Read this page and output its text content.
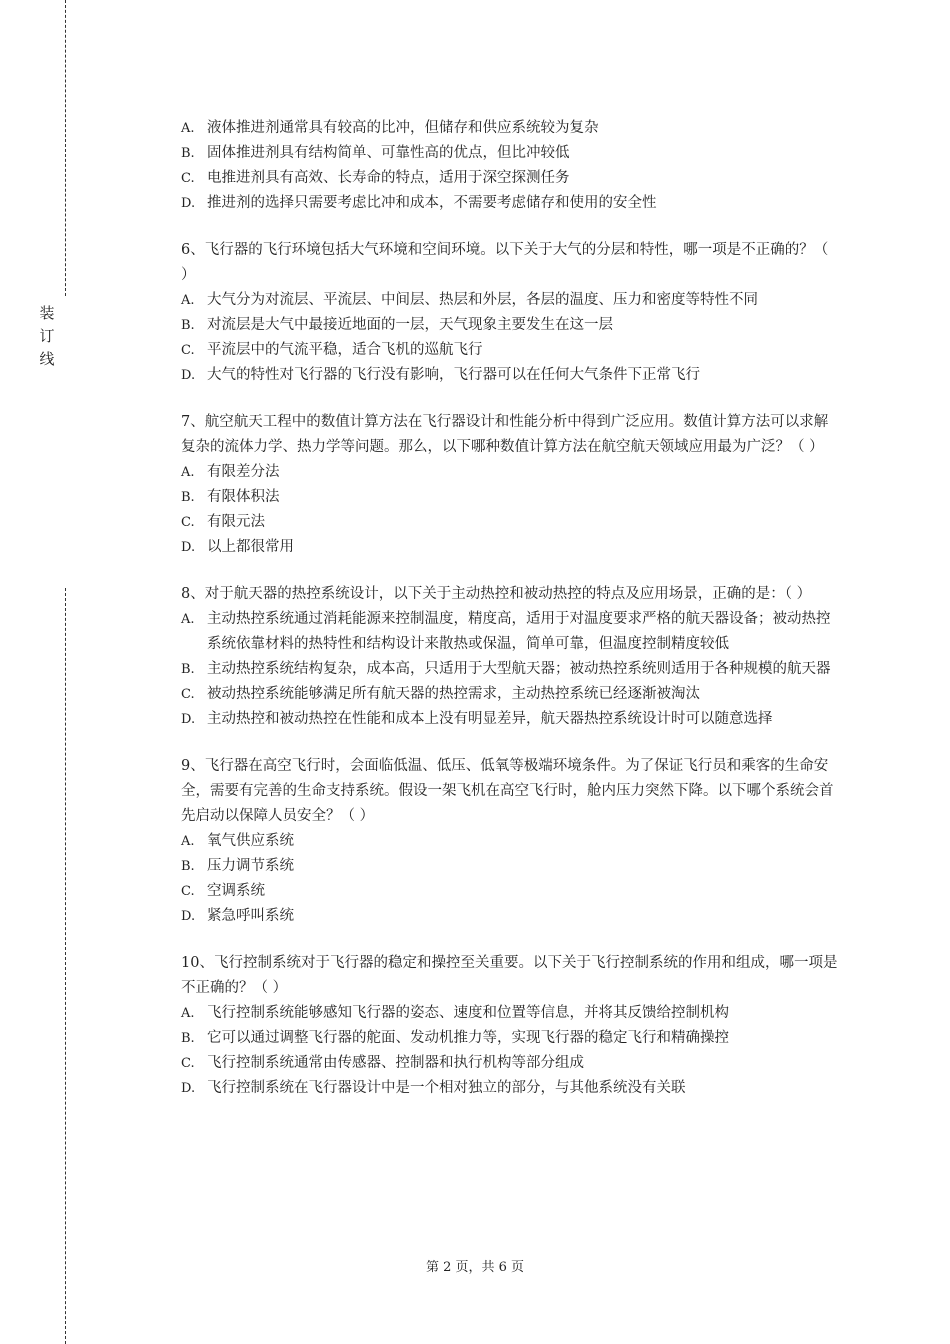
装
订
线

A. 液体推进剂通常具有较高的比冲，但储存和供应系统较为复杂

B. 固体推进剂具有结构简单、可靠性高的优点，但比冲较低

C. 电推进剂具有高效、长寿命的特点，适用于深空探测任务

D. 推进剂的选择只需要考虑比冲和成本，不需要考虑储存和使用的安全性

6、飞行器的飞行环境包括大气环境和空间环境。以下关于大气的分层和特性，哪一项是不正确的？（ ）

A. 大气分为对流层、平流层、中间层、热层和外层，各层的温度、压力和密度等特性不同

B. 对流层是大气中最接近地面的一层，天气现象主要发生在这一层

C. 平流层中的气流平稳，适合飞机的巡航飞行

D. 大气的特性对飞行器的飞行没有影响，飞行器可以在任何大气条件下正常飞行

7、航空航天工程中的数值计算方法在飞行器设计和性能分析中得到广泛应用。数值计算方法可以求解复杂的流体力学、热力学等问题。那么，以下哪种数值计算方法在航空航天领域应用最为广泛？（ ）

A. 有限差分法

B. 有限体积法

C. 有限元法

D. 以上都很常用

8、对于航天器的热控系统设计，以下关于主动热控和被动热控的特点及应用场景，正确的是：（ ）

A. 主动热控系统通过消耗能源来控制温度，精度高，适用于对温度要求严格的航天器设备；被动热控系统依靠材料的热特性和结构设计来散热或保温，简单可靠，但温度控制精度较低

B. 主动热控系统结构复杂，成本高，只适用于大型航天器；被动热控系统则适用于各种规模的航天器

C. 被动热控系统能够满足所有航天器的热控需求，主动热控系统已经逐渐被淘汰

D. 主动热控和被动热控在性能和成本上没有明显差异，航天器热控系统设计时可以随意选择

9、飞行器在高空飞行时，会面临低温、低压、低氧等极端环境条件。为了保证飞行员和乘客的生命安全，需要有完善的生命支持系统。假设一架飞机在高空飞行时，舱内压力突然下降。以下哪个系统会首先启动以保障人员安全？（ ）

A. 氧气供应系统

B. 压力调节系统

C. 空调系统

D. 紧急呼叫系统

10、飞行控制系统对于飞行器的稳定和操控至关重要。以下关于飞行控制系统的作用和组成，哪一项是不正确的？（ ）

A. 飞行控制系统能够感知飞行器的姿态、速度和位置等信息，并将其反馈给控制机构

B. 它可以通过调整飞行器的舵面、发动机推力等，实现飞行器的稳定飞行和精确操控

C. 飞行控制系统通常由传感器、控制器和执行机构等部分组成

D. 飞行控制系统在飞行器设计中是一个相对独立的部分，与其他系统没有关联

第 2 页，共 6 页
